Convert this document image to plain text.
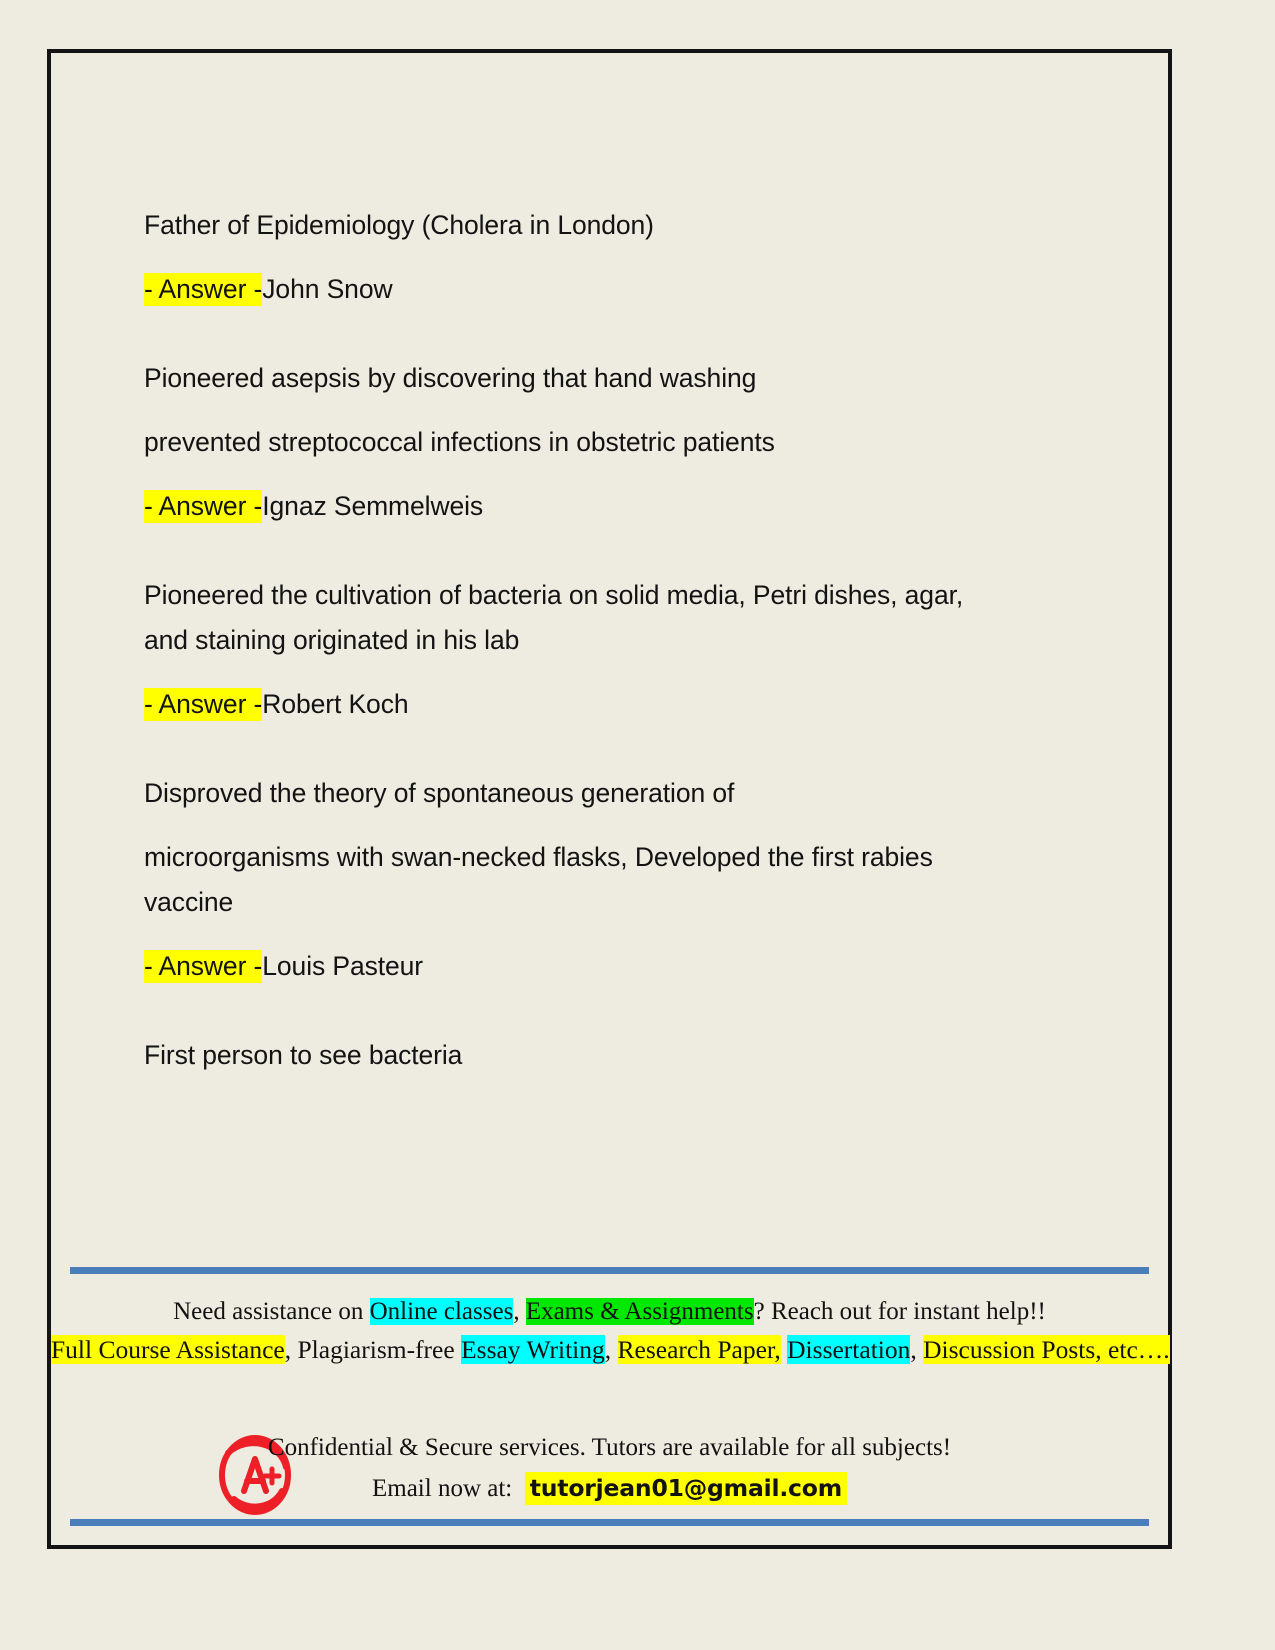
Father of Epidemiology (Cholera in London)
- Answer -John Snow
Pioneered asepsis by discovering that hand washing
prevented streptococcal infections in obstetric patients
- Answer -Ignaz Semmelweis
Pioneered the cultivation of bacteria on solid media, Petri dishes, agar,
and staining originated in his lab
- Answer -Robert Koch
Disproved the theory of spontaneous generation of
microorganisms with swan-necked flasks, Developed the first rabies
vaccine
- Answer -Louis Pasteur
First person to see bacteria
Need assistance on Online classes, Exams & Assignments? Reach out for instant help!!
Full Course Assistance, Plagiarism-free Essay Writing, Research Paper, Dissertation, Discussion Posts, etc….
Confidential & Secure services. Tutors are available for all subjects!
Email now at: tutorjean01@gmail.com
